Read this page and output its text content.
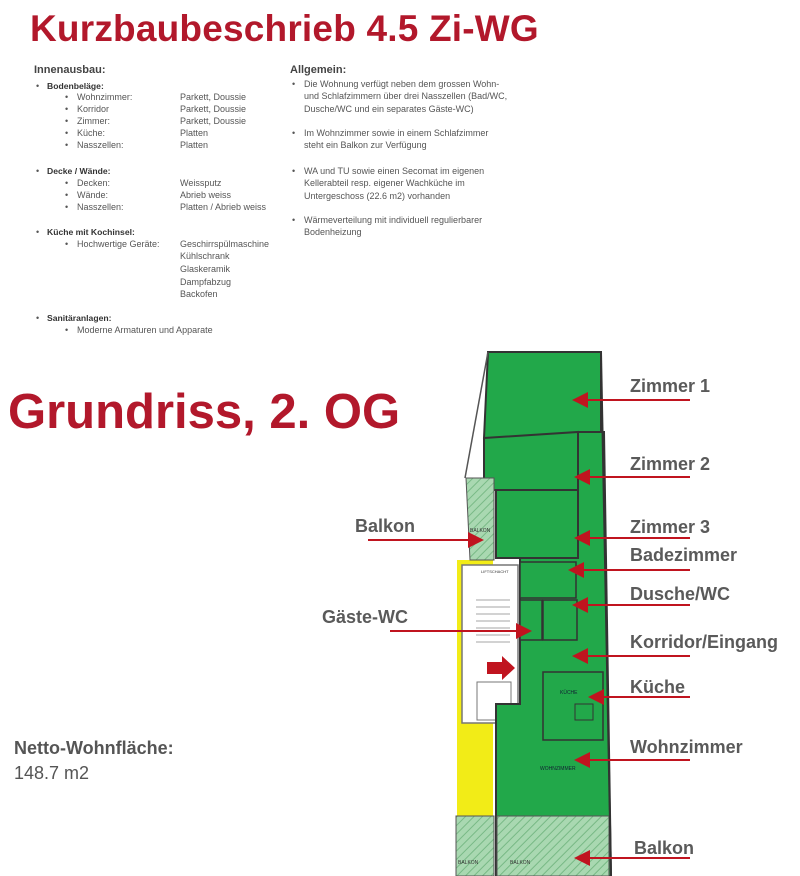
Kurzbaubeschrieb 4.5 Zi-WG
Innenausbau:
• Bodenbeläge:
• Wohnzimmer:	Parkett, Doussie
• Korridor	Parkett, Doussie
• Zimmer:	Parkett, Doussie
• Küche:	Platten
• Nasszellen:	Platten
• Decke / Wände:
• Decken:	Weissputz
• Wände:	Abrieb weiss
• Nasszellen:	Platten / Abrieb weiss
• Küche mit Kochinsel:
• Hochwertige Geräte: Geschirrspülmaschine
Kühlschrank
Glaskeramik
Dampfabzug
Backofen
• Sanitäranlagen:
• Moderne Armaturen und Apparate
Allgemein:
• Die Wohnung verfügt neben dem grossen Wohn-
und Schlafzimmern über drei Nasszellen (Bad/WC,
Dusche/WC und ein separates Gäste-WC)
• Im Wohnzimmer sowie in einem Schlafzimmer
steht ein Balkon zur Verfügung
• WA und TU sowie einen Secomat im eigenen
Kellerabteil resp. eigener Wachküche im
Untergeschoss (22.6 m2) vorhanden
• Wärmeverteilung mit individuell regulierbarer
Bodenheizung
Grundriss, 2. OG
BALKON
LIFTSCHACHT
KÜCHE
WOHNZIMMER
BALKON	BALKON
Zimmer 1
Zimmer 2
Zimmer 3
Badezimmer
Dusche/WC
Korridor/Eingang
Küche
Wohnzimmer
Balkon
Balkon
Gäste-WC
Netto-Wohnfläche:
148.7 m2
